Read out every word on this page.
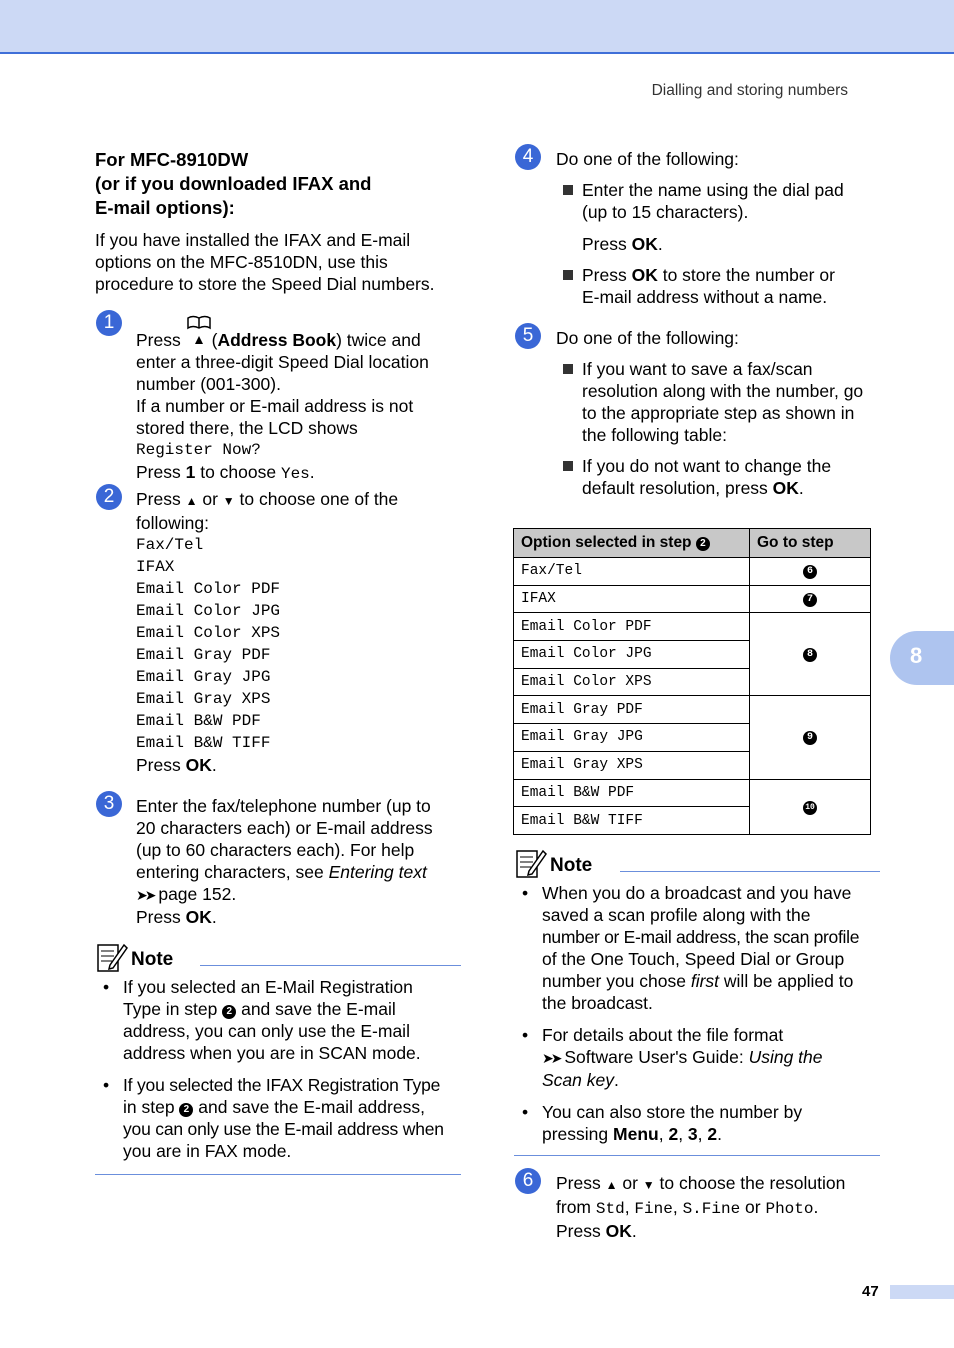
Dialling and storing numbers
8
For MFC-8910DW
(or if you downloaded IFAX and
E-mail options):
If you have installed the IFAX and E-mail
options on the MFC-8510DN, use this
procedure to store the Speed Dial numbers.
1
Press (Address Book) twice and
enter a three-digit Speed Dial location
number (001-300).
If a number or E-mail address is not
stored there, the LCD shows
Register Now?
Press 1 to choose Yes.
2	Press ▲ or ▼ to choose one of the
following:
Fax/Tel
IFAX
Email Color PDF
Email Color JPG
Email Color XPS
Email Gray PDF
Email Gray JPG
Email Gray XPS
Email B&W PDF
Email B&W TIFF
Press OK.
3	Enter the fax/telephone number (up to
20 characters each) or E-mail address
(up to 60 characters each). For help
entering characters, see Entering text
➤➤ page 152.
Press OK.
Note
• If you selected an E-Mail Registration
Type in step 2 and save the E-mail
address, you can only use the E-mail
address when you are in SCAN mode.
• If you selected the IFAX Registration Type
in step 2 and save the E-mail address,
you can only use the E-mail address when
you are in FAX mode.
4	Do one of the following:
Enter the name using the dial pad
(up to 15 characters).
Press OK.
Press OK to store the number or
E-mail address without a name.
5	Do one of the following:
If you want to save a fax/scan
resolution along with the number, go
to the appropriate step as shown in
the following table:
If you do not want to change the
default resolution, press OK.
Option selected in step 2	Go to step
Fax/Tel	6
IFAX	7
Email Color PDF	8
Email Color JPG	
Email Color XPS	
Email Gray PDF	9
Email Gray JPG	
Email Gray XPS	
Email B&W PDF	10
Email B&W TIFF	
Note
• When you do a broadcast and you have
saved a scan profile along with the
number or E-mail address, the scan profile
of the One Touch, Speed Dial or Group
number you chose first will be applied to
the broadcast.
• For details about the file format
➤➤ Software User's Guide: Using the
Scan key.
• You can also store the number by
pressing Menu, 2, 3, 2.
6	Press ▲ or ▼ to choose the resolution
from Std, Fine, S.Fine or Photo.
Press OK.
47
